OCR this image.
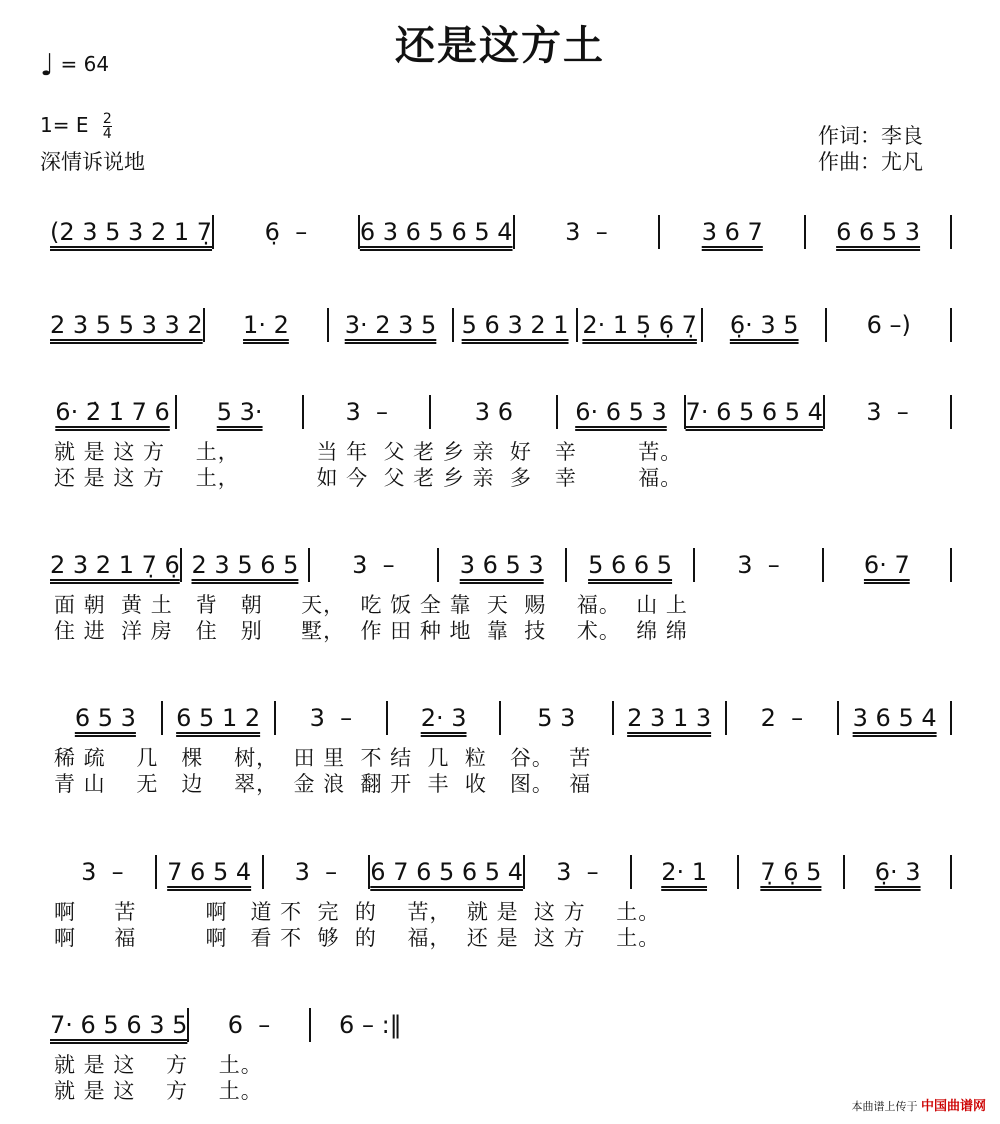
还是这方土
♩ = 64
1= E $\frac{2}{4}$
深情诉说地
作词：李良
作曲：尤凡
(2 3 5 3 2 1 7̣	6̣  –	6 3 6 5 6 5 4	3  –	3 6 7	6 6 5 3
2 3 5 5 3 3 2	1· 2	3· 2 3 5	5 6 3 2 1 2· 1 5̣ 6̣ 7̣	6̣· 3 5	6 –)
6· 2̇ 1̇ 7 6	5 3·	3  –	3 6	6· 6 5 3 7· 6 5 6 5 4	3  –
就 是 这 方    土，          当 年  父 老 乡 亲  好   辛        苦。
还 是 这 方    土，          如 今  父 老 乡 亲  多   幸        福。
2 3 2 1 7̣ 6̣ 2 3 5 6 5	3  –	3 6 5 3	5 6 6 5	3  –	6· 7
面 朝  黄 土   背   朝     天，  吃 饭 全 靠  天  赐    福。  山 上
住 进  洋 房   住   别     墅，  作 田 种 地  靠  技    术。  绵 绵
6 5 3	6 5 1 2	3  –	2· 3	5 3	2 3 1 3	2  –	3 6 5 4
稀 疏    几   棵    树，  田 里  不 结  几  粒   谷。  苦
青 山    无   边    翠，  金 浪  翻 开  丰  收   图。  福
3  –	7 6 5 4	3  –	6 7 6 5 6 5 4	3  –	2· 1	7̣ 6̣ 5	6̣· 3
啊     苦         啊   道 不  完  的    苦，  就 是  这 方    土。
啊     福         啊   看 不  够  的    福，  还 是  这 方    土。
7· 6 5 6 3 5	6  –	6 – :‖
就 是 这    方    土。
就 是 这    方    土。
本曲谱上传于 中国曲谱网
